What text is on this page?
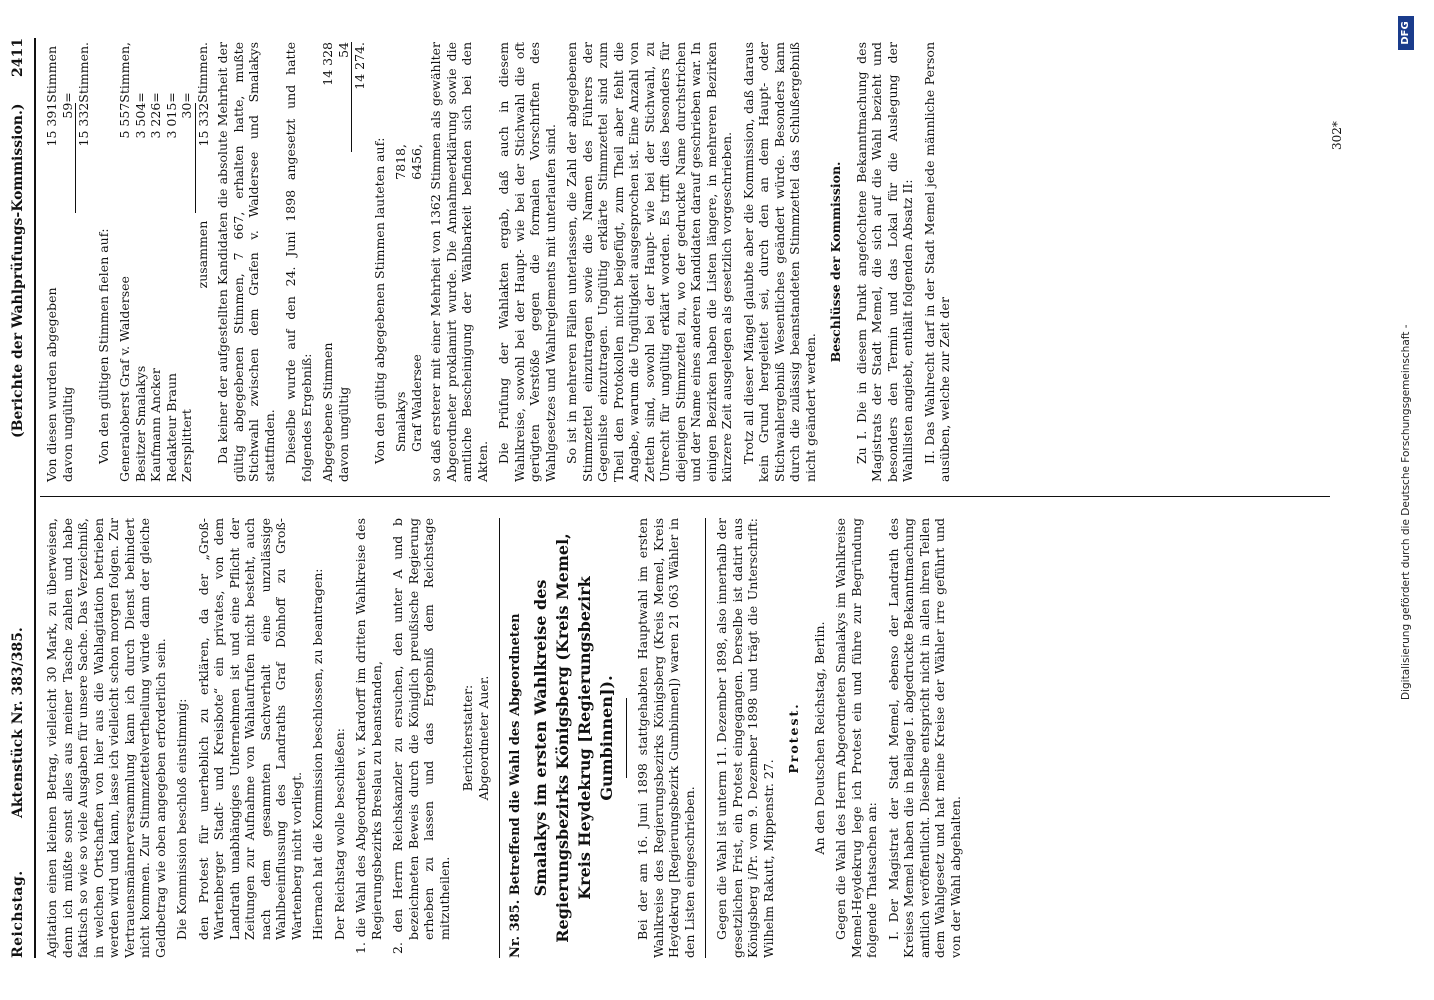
Reichstag.
Aktenstück Nr. 383/385.
(Berichte der Wahlprüfungs-Kommission.)
2411

Agitation einen kleinen Betrag, vielleicht 30 Mark, zu überweisen, denn ich müßte sonst alles aus meiner Tasche zahlen und habe faktisch so wie so viele Ausgaben für unsere Sache. Das Verzeichniß, in welchen Ortschaften von hier aus die Wahlagitation betrieben werden wird und kann, lasse ich vielleicht schon morgen folgen. Zur Vertrauensmännerversammlung kann ich durch Dienst behindert nicht kommen. Zur Stimmzettelvertheilung würde dann der gleiche Geldbetrag wie oben angegeben erforderlich sein. Die Kommission beschloß einstimmig: den Protest für unerheblich zu erklären, da der „Groß-Wartenberger Stadt- und Kreisbote“ ein privates, von dem Landrath unabhängiges Unternehmen ist und eine Pflicht der Zeitungen zur Aufnahme von Wahlaufrufen nicht besteht, auch nach dem gesammten Sachverhalt eine unzulässige Wahlbeeinflussung des Landraths Graf Dönhoff zu Groß-Wartenberg nicht vorliegt. Hiernach hat die Kommission beschlossen, zu beantragen: Der Reichstag wolle beschließen: 1. die Wahl des Abgeordneten v. Kardorff im dritten Wahlkreise des Regierungsbezirks Breslau zu beanstanden, 2. den Herrn Reichskanzler zu ersuchen, den unter A und b bezeichneten Beweis durch die Königlich preußische Regierung erheben zu lassen und das Ergebniß dem Reichstage mitzutheilen.

Berichterstatter: Abgeordneter Auer. Nr. 385. Betreffend die Wahl des Abgeordneten Smalakys im ersten Wahlkreise des Regierungsbezirks Königsberg (Kreis Memel, Kreis Heydekrug [Regierungsbezirk Gumbinnen]). Bei der am 16. Juni 1898 stattgehabten Hauptwahl im ersten Wahlkreise des Regierungsbezirks Königsberg (Kreis Memel, Kreis Heydekrug [Regierungsbezirk Gumbinnen]) waren 21 063 Wähler in den Listen eingeschrieben. Gegen die Wahl ist unterm 11. Dezember 1898, also innerhalb der gesetzlichen Frist, ein Protest eingegangen. Derselbe ist datirt aus Königsberg i/Pr. vom 9. Dezember 1898 und trägt die Unterschrift: Wilhelm Rakutt, Mippenstr. 27.

Protest. An den Deutschen Reichstag, Berlin. Gegen die Wahl des Herrn Abgeordneten Smalakys im Wahlkreise Memel-Heydekrug lege ich Protest ein und führe zur Begründung folgende Thatsachen an: I. Der Magistrat der Stadt Memel, ebenso der Landrath des Kreises Memel haben die in Beilage I. abgedruckte Bekanntmachung amtlich veröffentlicht. Dieselbe entspricht nicht in allen ihren Teilen dem Wahlgesetz und hat meine Kreise der Wähler irre geführt und von der Wahl abgehalten.

Von diesen wurden abgegeben	15 391	Stimmen
davon ungültig	59	=
	15 332	Stimmen.

Von den gültigen Stimmen fielen auf: Generaloberst Graf v. Waldersee	5 557	Stimmen,
Besitzer Smalakys	3 504	=
Kaufmann Ancker	3 226	=
Redakteur Braun	3 015	=
Zersplittert	30	=
zusammen	15 332	Stimmen. Da keiner der aufgestellten Kandidaten die absolute Mehrheit der gültig abgegebenen Stimmen, 7 667, erhalten hatte, mußte Stichwahl zwischen dem Grafen v. Waldersee und Smalakys stattfinden. Dieselbe wurde auf den 24. Juni 1898 angesetzt und hatte folgendes Ergebniß: Abgegebene Stimmen	14 328
davon ungültig	54
	14 274.

Von den gültig abgegebenen Stimmen lauteten auf: Smalakys	7818,
Graf Waldersee	6456, so daß ersterer mit einer Mehrheit von 1362 Stimmen als gewählter Abgeordneter proklamirt wurde. Die Annahmeerklärung sowie die amtliche Bescheinigung der Wählbarkeit befinden sich bei den Akten. Die Prüfung der Wahlakten ergab, daß auch in diesem Wahlkreise, sowohl bei der Haupt- wie bei der Stichwahl die oft gerügten Verstöße gegen die formalen Vorschriften des Wahlgesetzes und Wahlreglements mit unterlaufen sind. So ist in mehreren Fällen unterlassen, die Zahl der abgegebenen Stimmzettel einzutragen sowie die Namen des Führers der Gegenliste einzutragen. Ungültig erklärte Stimmzettel sind zum Theil den Protokollen nicht beigefügt, zum Theil aber fehlt die Angabe, warum die Ungültigkeit ausgesprochen ist. Eine Anzahl von Zetteln sind, sowohl bei der Haupt- wie bei der Stichwahl, zu Unrecht für ungültig erklärt worden. Es trifft dies besonders für diejenigen Stimmzettel zu, wo der gedruckte Name durchstrichen und der Name eines anderen Kandidaten darauf geschrieben war. In einigen Bezirken haben die Listen längere, in mehreren Bezirken kürzere Zeit ausgelegen als gesetzlich vorgeschrieben. Trotz all dieser Mängel glaubte aber die Kommission, daß daraus kein Grund hergeleitet sei, durch den an dem Haupt- oder Stichwahlergebniß Wesentliches geändert würde. Besonders kann durch die zulässig beanstandeten Stimmzettel das Schlußergebniß nicht geändert werden.

Beschlüsse der Kommission. Zu I. Die in diesem Punkt angefochtene Bekanntmachung des Magistrats der Stadt Memel, die sich auf die Wahl bezieht und besonders den Termin und das Lokal für die Auslegung der Wahllisten angiebt, enthält folgenden Absatz II: II. Das Wahlrecht darf in der Stadt Memel jede männliche Person ausüben, welche zur Zeit der

302*
Digitalisierung gefördert durch die Deutsche Forschungsgemeinschaft -
DFG
